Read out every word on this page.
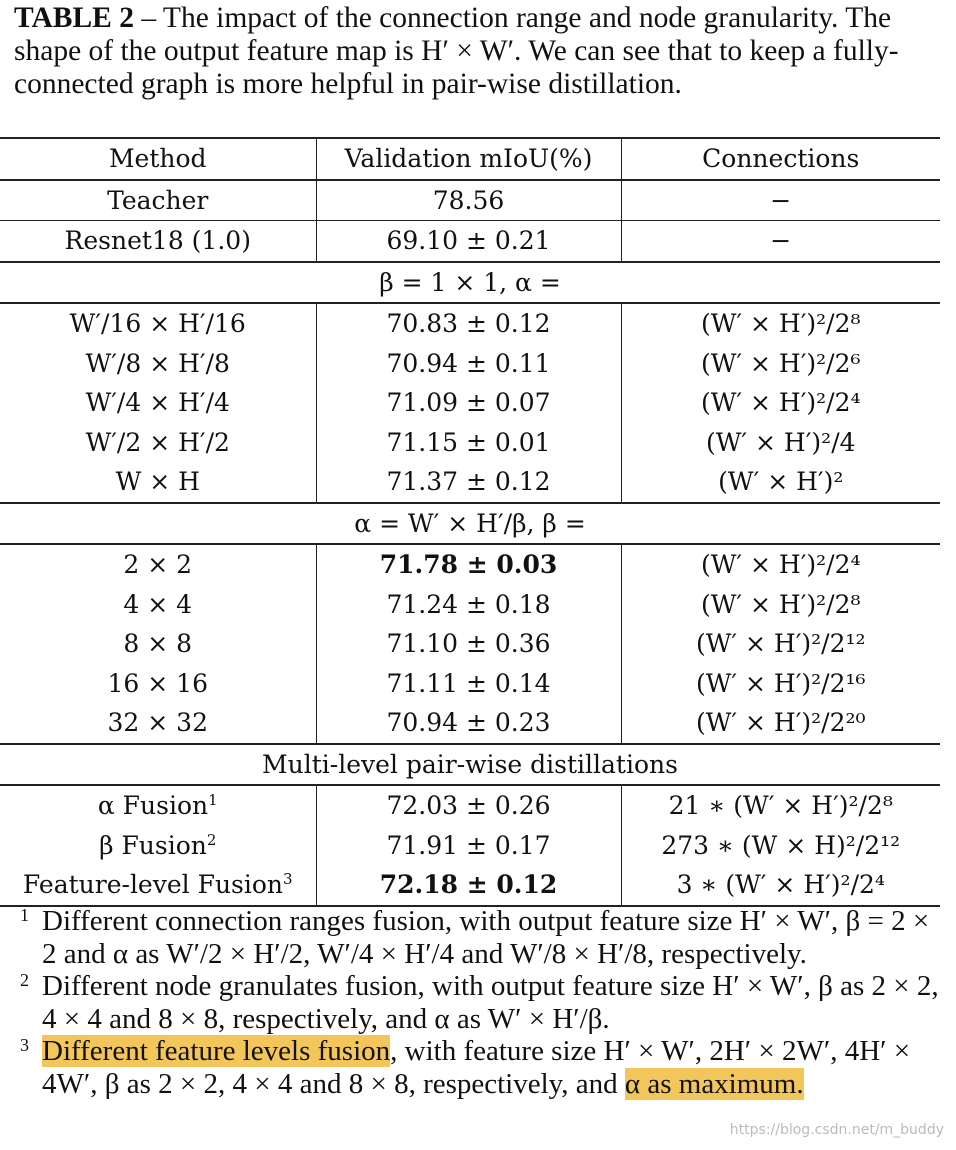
TABLE 2 – The impact of the connection range and node granularity. The shape of the output feature map is H′ × W′. We can see that to keep a fully-connected graph is more helpful in pair-wise distillation.
Method	Validation mIoU(%)	Connections
Teacher	78.56	−
Resnet18 (1.0)	69.10 ± 0.21	−
β = 1 × 1, α =		
W′/16 × H′/16	70.83 ± 0.12	(W′ × H′)²/2⁸
W′/8 × H′/8	70.94 ± 0.11	(W′ × H′)²/2⁶
W′/4 × H′/4	71.09 ± 0.07	(W′ × H′)²/2⁴
W′/2 × H′/2	71.15 ± 0.01	(W′ × H′)²/4
W × H	71.37 ± 0.12	(W′ × H′)²
α = W′ × H′/β, β =		
2 × 2	71.78 ± 0.03	(W′ × H′)²/2⁴
4 × 4	71.24 ± 0.18	(W′ × H′)²/2⁸
8 × 8	71.10 ± 0.36	(W′ × H′)²/2¹²
16 × 16	71.11 ± 0.14	(W′ × H′)²/2¹⁶
32 × 32	70.94 ± 0.23	(W′ × H′)²/2²⁰
Multi-level pair-wise distillations		
α Fusion$^1$	72.03 ± 0.26	21 ∗ (W′ × H′)²/2⁸
β Fusion$^2$	71.91 ± 0.17	273 ∗ (W × H)²/2¹²
Feature-level Fusion$^3$	72.18 ± 0.12	3 ∗ (W′ × H′)²/2⁴
1 Different connection ranges fusion, with output feature size H′ × W′, β = 2 × 2 and α as W′/2 × H′/2, W′/4 × H′/4 and W′/8 × H′/8, respectively.
2 Different node granulates fusion, with output feature size H′ × W′, β as 2 × 2, 4 × 4 and 8 × 8, respectively, and α as W′ × H′/β.
3 Different feature levels fusion, with feature size H′ × W′, 2H′ × 2W′, 4H′ × 4W′, β as 2 × 2, 4 × 4 and 8 × 8, respectively, and α as maximum.
https://blog.csdn.net/m_buddy
